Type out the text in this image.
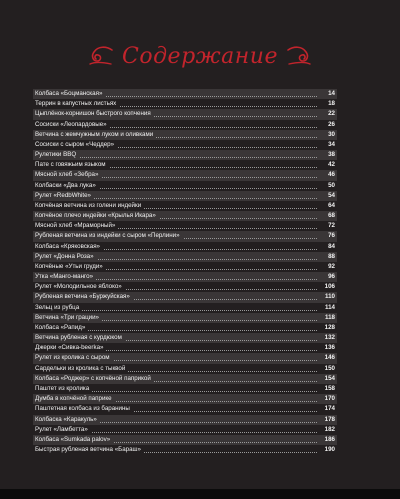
Содержание
Колбаса «Боцманская»	14
Террин в капустных листьях	18
Цыплёнок-корнишон быстрого копчения	22
Сосиски «Леопардовые»	26
Ветчина с жемчужным луком и оливками	30
Сосиски с сыром «Чеддер»	34
Рулетики BBQ	38
Пате с говяжьим языком	42
Мясной хлеб «Зебра»	46
Колбаски «Два лука»	50
Рулет «RedbWhite»	54
Копчёная ветчина из голени индейки	64
Копчёное плечо индейки «Крылья Икара»	68
Мясной хлеб «Мраморный»	72
Рубленая ветчина из индейки с сыром «Перлини»	76
Колбаса «Кряковская»	84
Рулет «Донна Роза»	88
Копчёные «Утьи груди»	92
Утка «Манго-манго»	96
Рулет «Молодильное яблоко»	106
Рубленая ветчина «Буржуйская»	110
Зельц из рубца	114
Ветчина «Три грации»	118
Колбаса «Рапид»	128
Ветчина рубленая с курдюком	132
Джерки «Сивка-beerka»	136
Рулет из кролика с сыром	146
Сардельки из кролика с тыквой	150
Колбаса «Роджер» с копчёной паприкой	154
Паштет из кролика	158
Думба в копчёной паприке	170
Паштетная колбаса из баранины	174
Колбаска «Каракуль»	178
Рулет «Ламбетта»	182
Колбаса «Sumkada palov»	186
Быстрая рубленая ветчина «Бараш»	190
